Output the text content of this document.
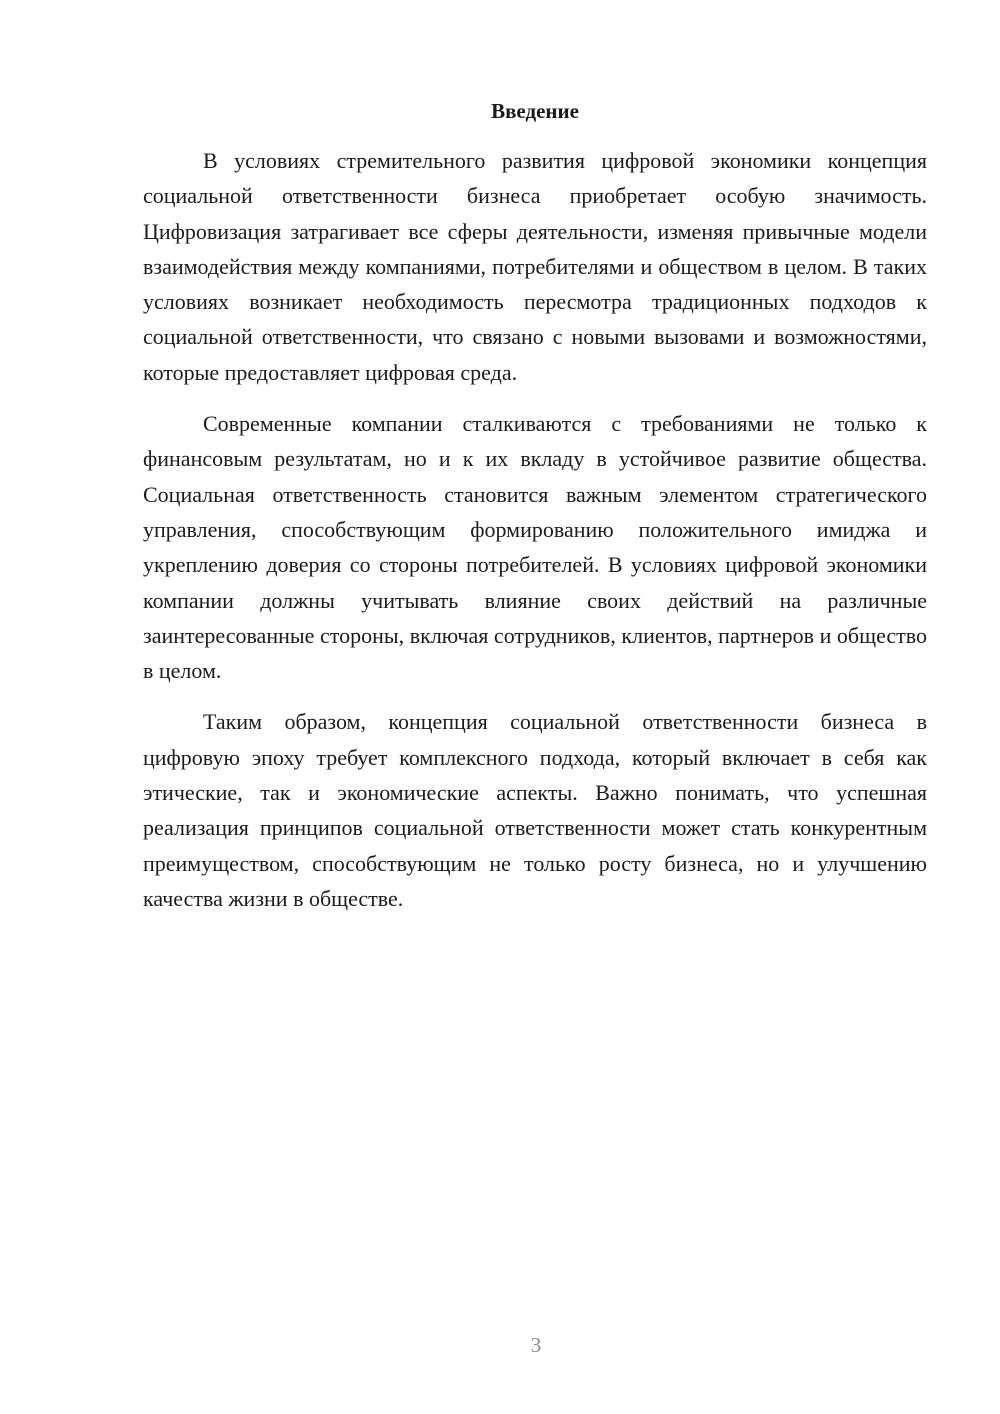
Введение

В условиях стремительного развития цифровой экономики концепция социальной ответственности бизнеса приобретает особую значимость. Цифровизация затрагивает все сферы деятельности, изменяя привычные модели взаимодействия между компаниями, потребителями и обществом в целом. В таких условиях возникает необходимость пересмотра традиционных подходов к социальной ответственности, что связано с новыми вызовами и возможностями, которые предоставляет цифровая среда.

Современные компании сталкиваются с требованиями не только к финансовым результатам, но и к их вкладу в устойчивое развитие общества. Социальная ответственность становится важным элементом стратегического управления, способствующим формированию положительного имиджа и укреплению доверия со стороны потребителей. В условиях цифровой экономики компании должны учитывать влияние своих действий на различные заинтересованные стороны, включая сотрудников, клиентов, партнеров и общество в целом.

Таким образом, концепция социальной ответственности бизнеса в цифровую эпоху требует комплексного подхода, который включает в себя как этические, так и экономические аспекты. Важно понимать, что успешная реализация принципов социальной ответственности может стать конкурентным преимуществом, способствующим не только росту бизнеса, но и улучшению качества жизни в обществе.

3
